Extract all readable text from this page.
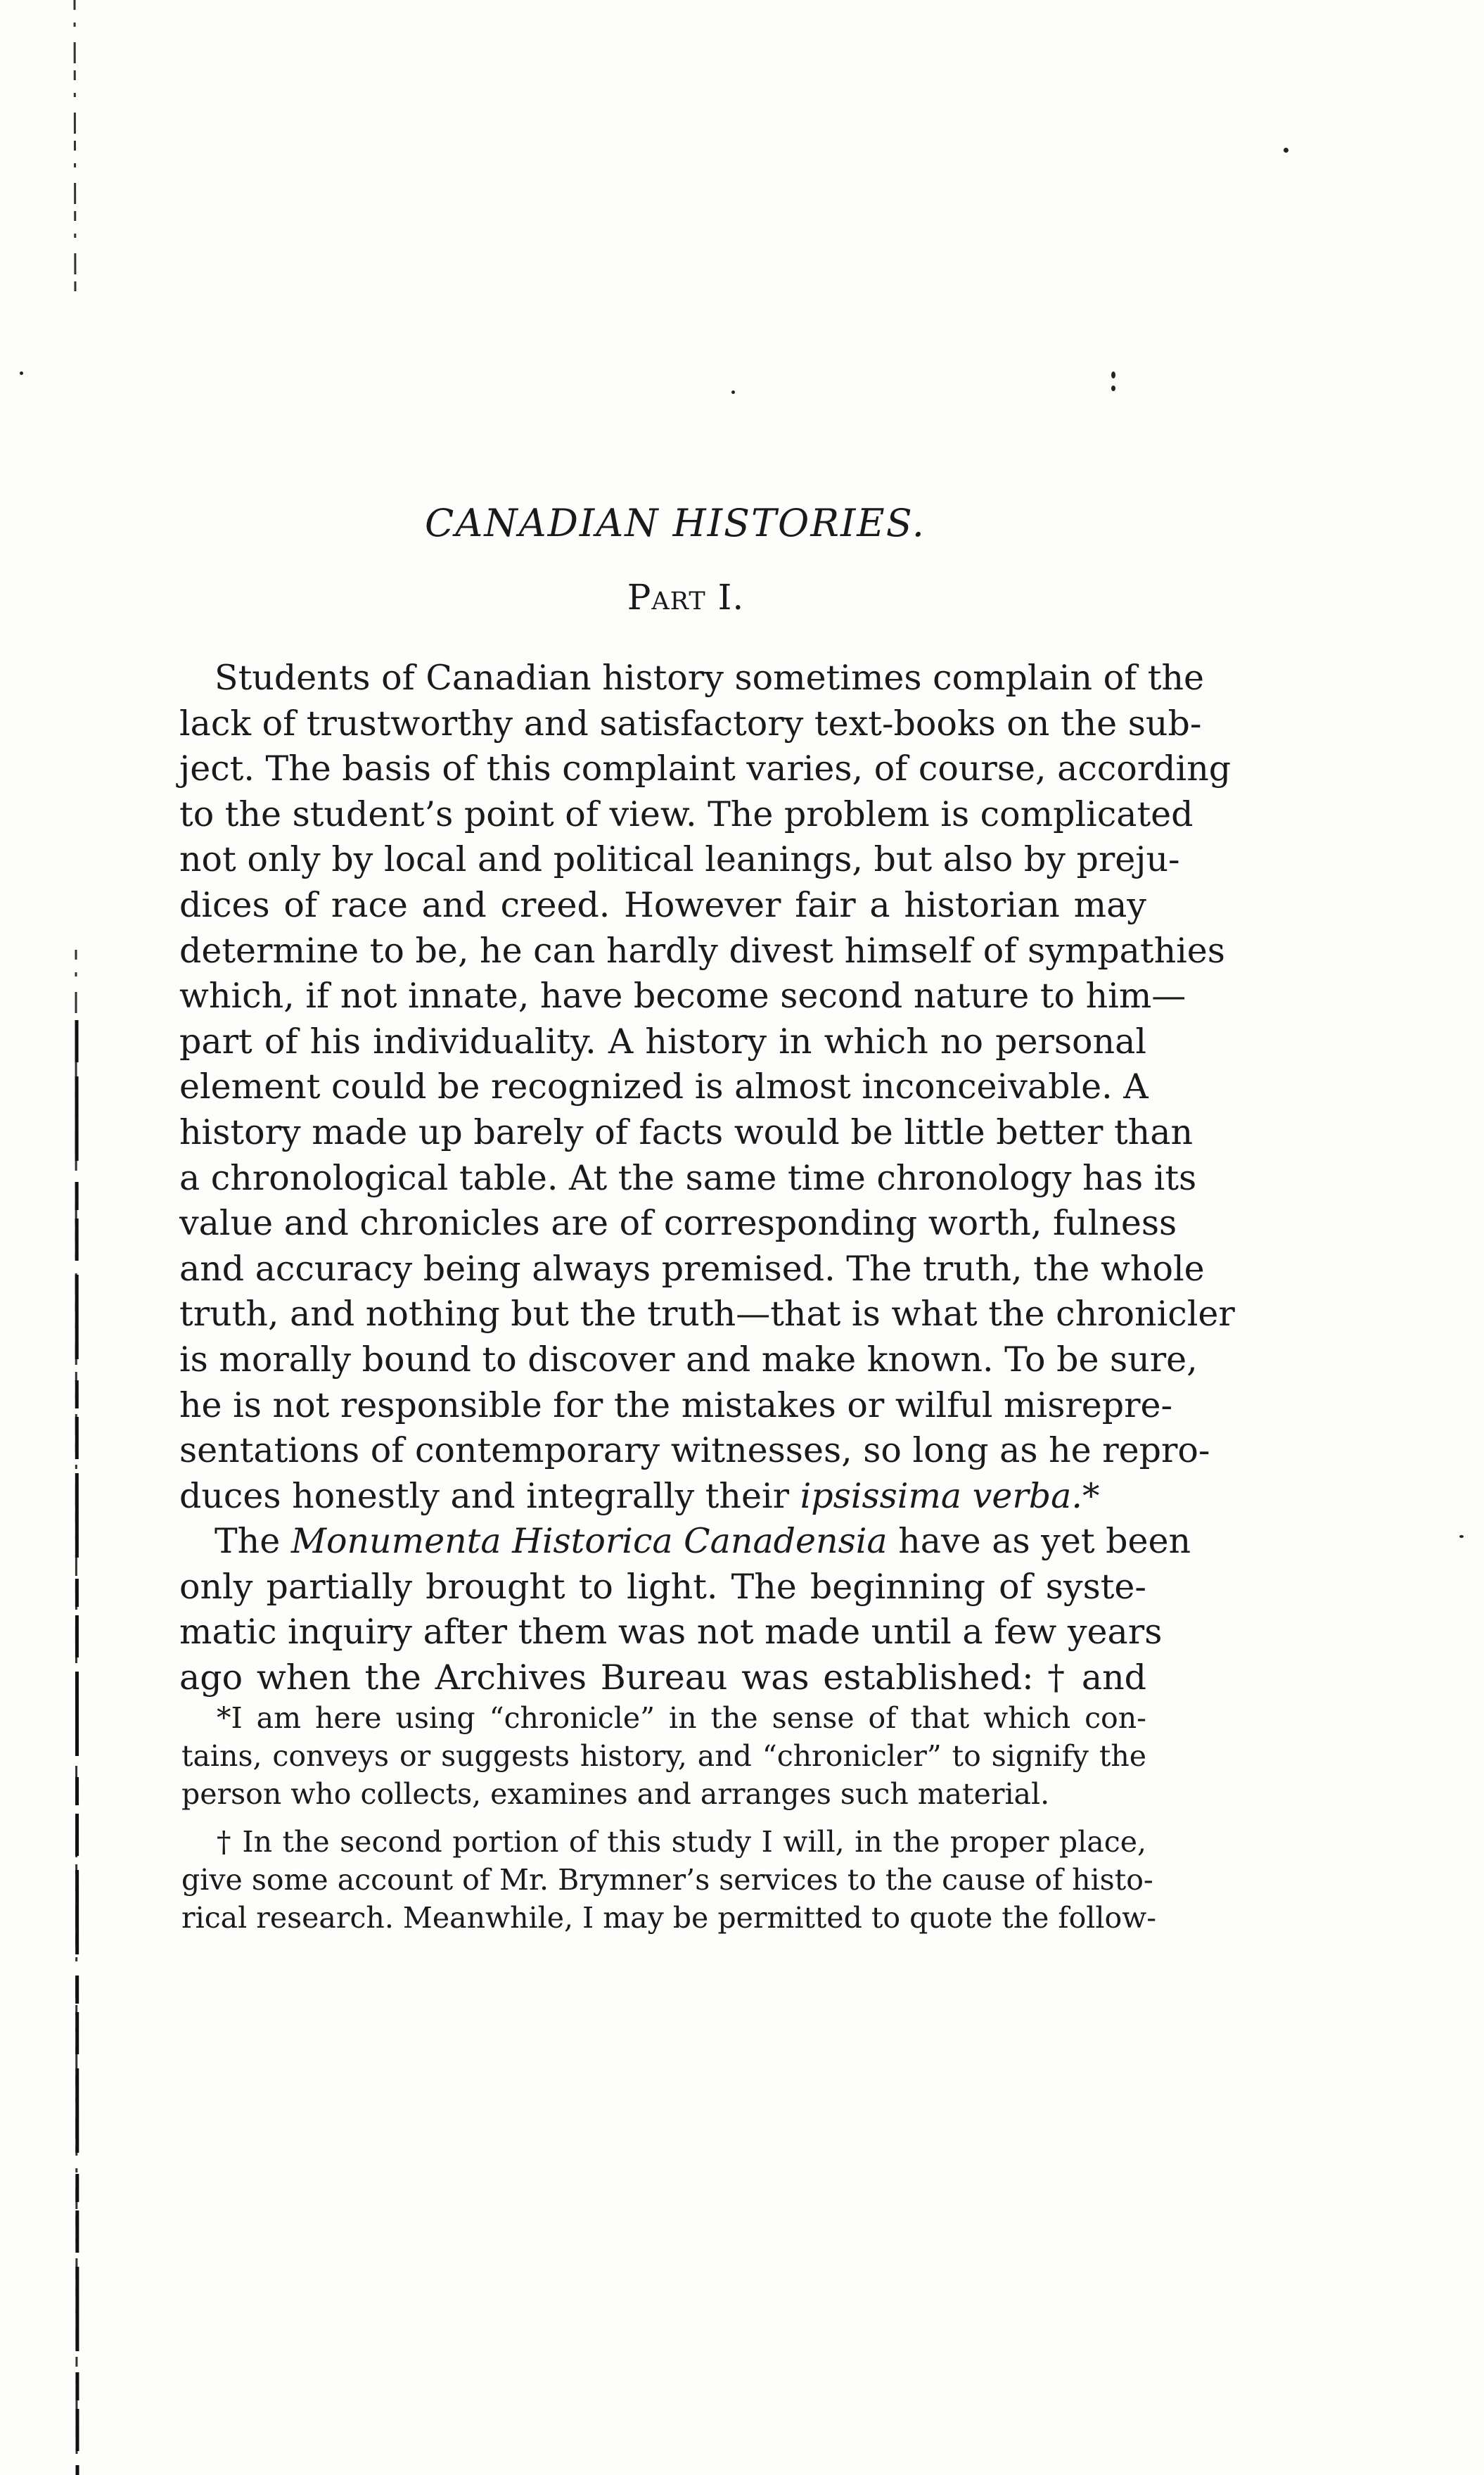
CANADIAN HISTORIES.
Part I.
Students of Canadian history sometimes complain of the
lack of trustworthy and satisfactory text-books on the sub-
ject. The basis of this complaint varies, of course, according
to the student’s point of view. The problem is complicated
not only by local and political leanings, but also by preju-
dices of race and creed. However fair a historian may
determine to be, he can hardly divest himself of sympathies
which, if not innate, have become second nature to him—
part of his individuality. A history in which no personal
element could be recognized is almost inconceivable. A
history made up barely of facts would be little better than
a chronological table. At the same time chronology has its
value and chronicles are of corresponding worth, fulness
and accuracy being always premised. The truth, the whole
truth, and nothing but the truth—that is what the chronicler
is morally bound to discover and make known. To be sure,
he is not responsible for the mistakes or wilful misrepre-
sentations of contemporary witnesses, so long as he repro-
duces honestly and integrally their ipsissima verba.*
The Monumenta Historica Canadensia have as yet been
only partially brought to light. The beginning of syste-
matic inquiry after them was not made until a few years
ago when the Archives Bureau was established: † and
*I am here using “chronicle” in the sense of that which con-
tains, conveys or suggests history, and “chronicler” to signify the
person who collects, examines and arranges such material.
† In the second portion of this study I will, in the proper place,
give some account of Mr. Brymner’s services to the cause of histo-
rical research. Meanwhile, I may be permitted to quote the follow-
